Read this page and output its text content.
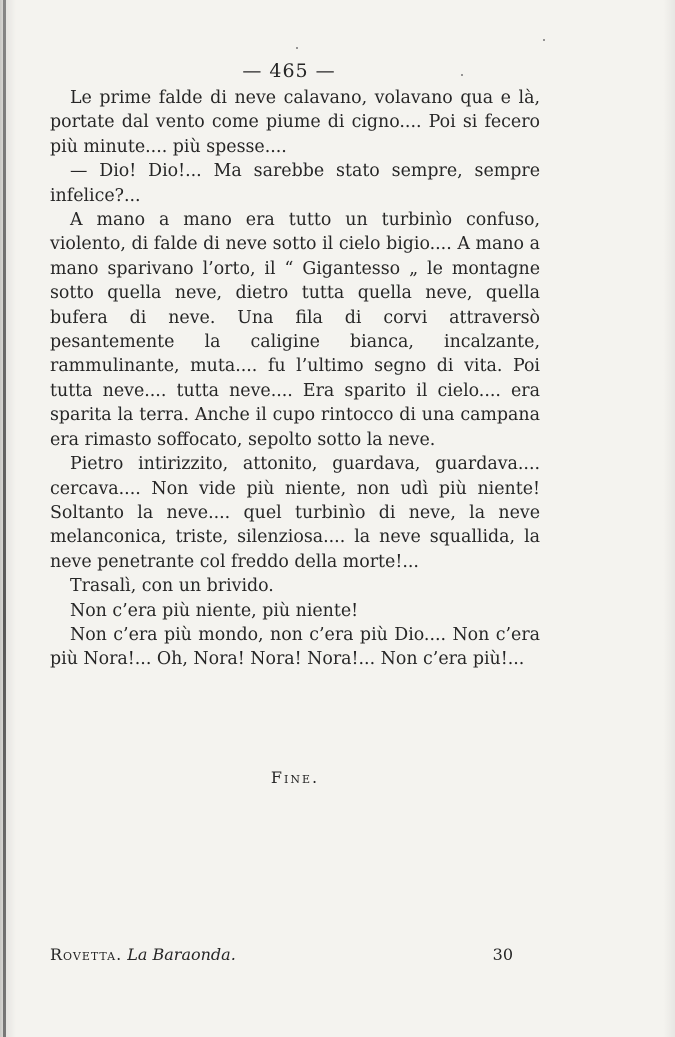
— 465 —

Le prime falde di neve calavano, volavano qua e là, portate dal vento come piume di cigno.... Poi si fecero più minute.... più spesse....

— Dio! Dio!... Ma sarebbe stato sempre, sempre infelice?...

A mano a mano era tutto un turbinìo confuso, violento, di falde di neve sotto il cielo bigio.... A mano a mano sparivano l’orto, il “ Gigantesso „ le montagne sotto quella neve, dietro tutta quella neve, quella bufera di neve. Una fila di corvi attraversò pesantemente la caligine bianca, incalzante, rammulinante, muta.... fu l’ultimo segno di vita. Poi tutta neve.... tutta neve.... Era sparito il cielo.... era sparita la terra. Anche il cupo rintocco di una campana era rimasto soffocato, sepolto sotto la neve.

Pietro intirizzito, attonito, guardava, guardava.... cercava.... Non vide più niente, non udì più niente! Soltanto la neve.... quel turbinìo di neve, la neve melanconica, triste, silenziosa.... la neve squallida, la neve penetrante col freddo della morte!...

Trasalì, con un brivido.

Non c’era più niente, più niente!

Non c’era più mondo, non c’era più Dio.... Non c’era più Nora!... Oh, Nora! Nora! Nora!... Non c’era più!...

Fine.
Rovetta. La Baraonda.	30
